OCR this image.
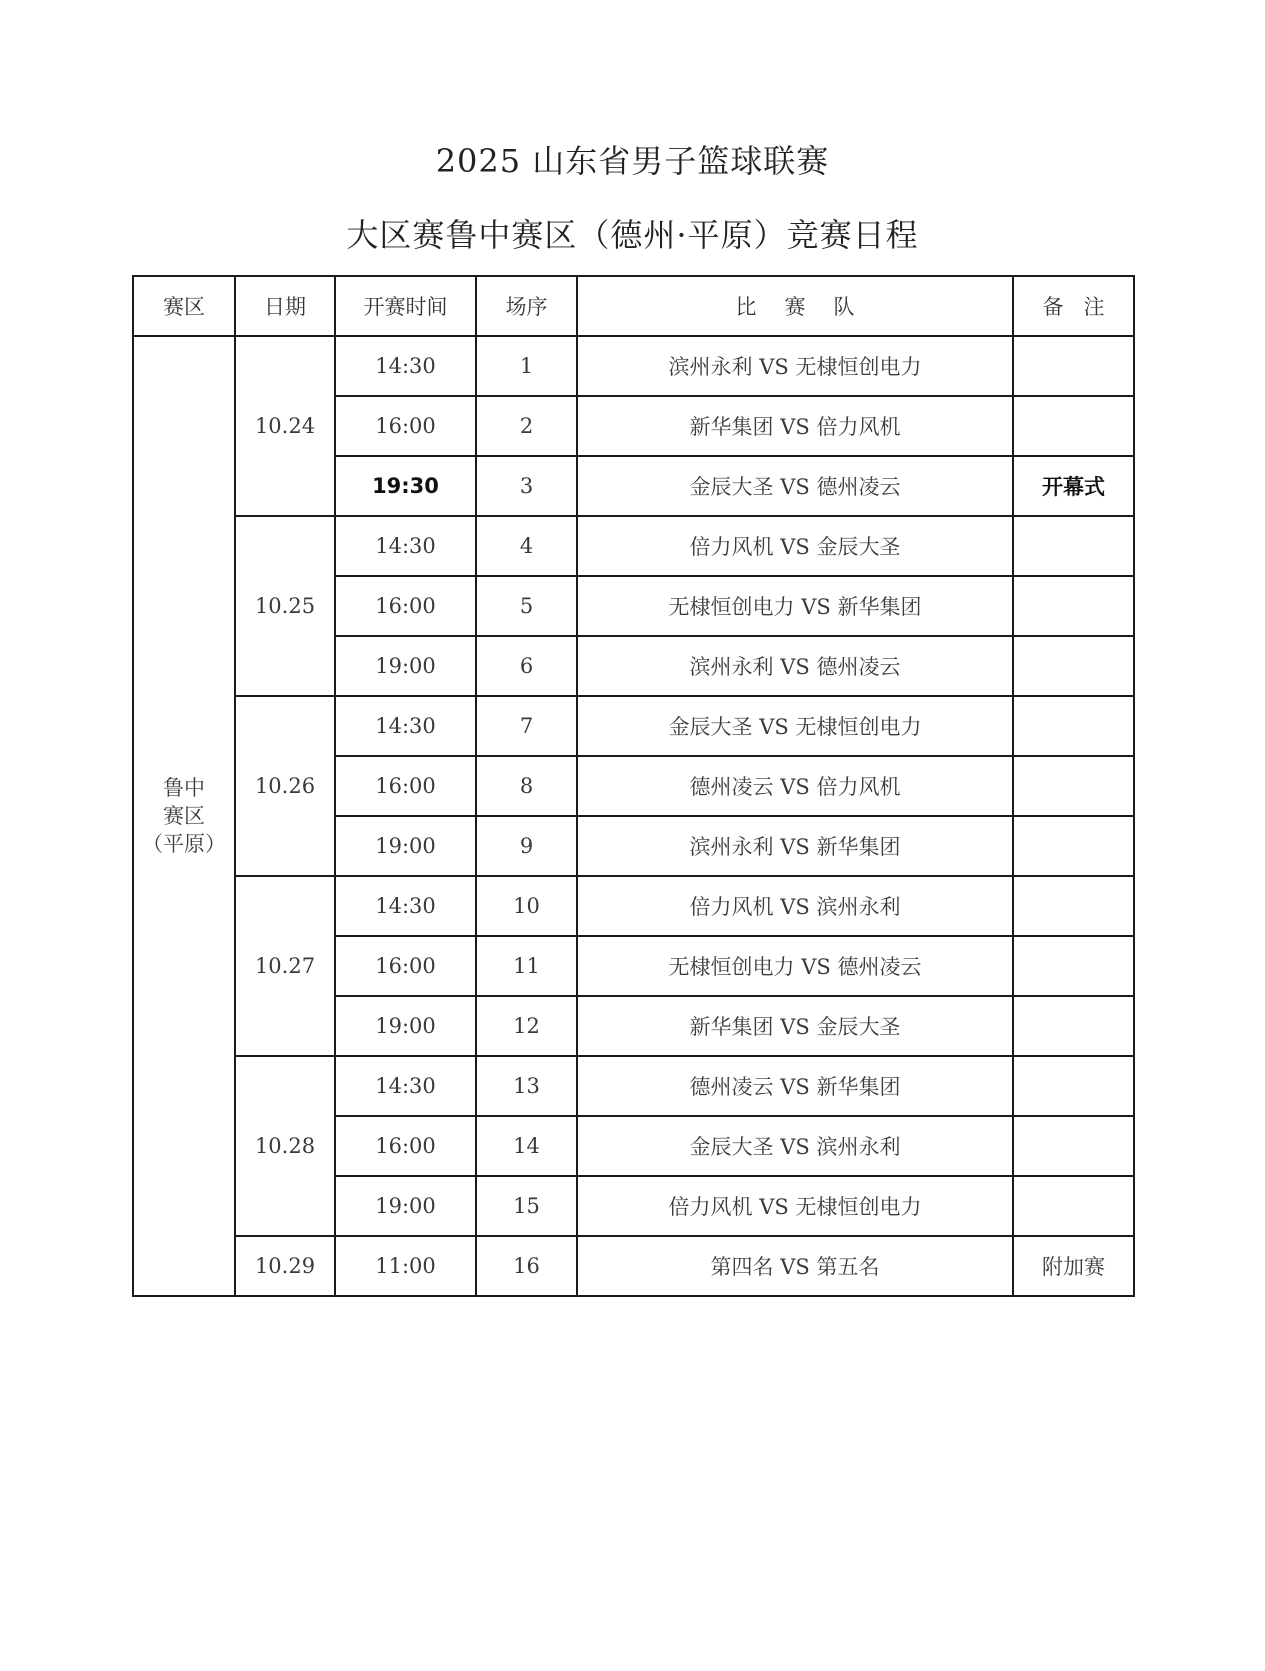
2025 山东省男子篮球联赛
大区赛鲁中赛区（德州·平原）竞赛日程
赛区	日期	开赛时间	场序	比赛队	备注

鲁中
赛区
（平原）	10.24	14:30	1	滨州永利 VS 无棣恒创电力	
		16:00	2	新华集团 VS 倍力风机	
		19:30	3	金辰大圣 VS 德州凌云	开幕式
	10.25	14:30	4	倍力风机 VS 金辰大圣	
		16:00	5	无棣恒创电力 VS 新华集团	
		19:00	6	滨州永利 VS 德州凌云	
	10.26	14:30	7	金辰大圣 VS 无棣恒创电力	
		16:00	8	德州凌云 VS 倍力风机	
		19:00	9	滨州永利 VS 新华集团	
	10.27	14:30	10	倍力风机 VS 滨州永利	
		16:00	11	无棣恒创电力 VS 德州凌云	
		19:00	12	新华集团 VS 金辰大圣	
	10.28	14:30	13	德州凌云 VS 新华集团	
		16:00	14	金辰大圣 VS 滨州永利	
		19:00	15	倍力风机 VS 无棣恒创电力	
	10.29	11:00	16	第四名 VS 第五名	附加赛
